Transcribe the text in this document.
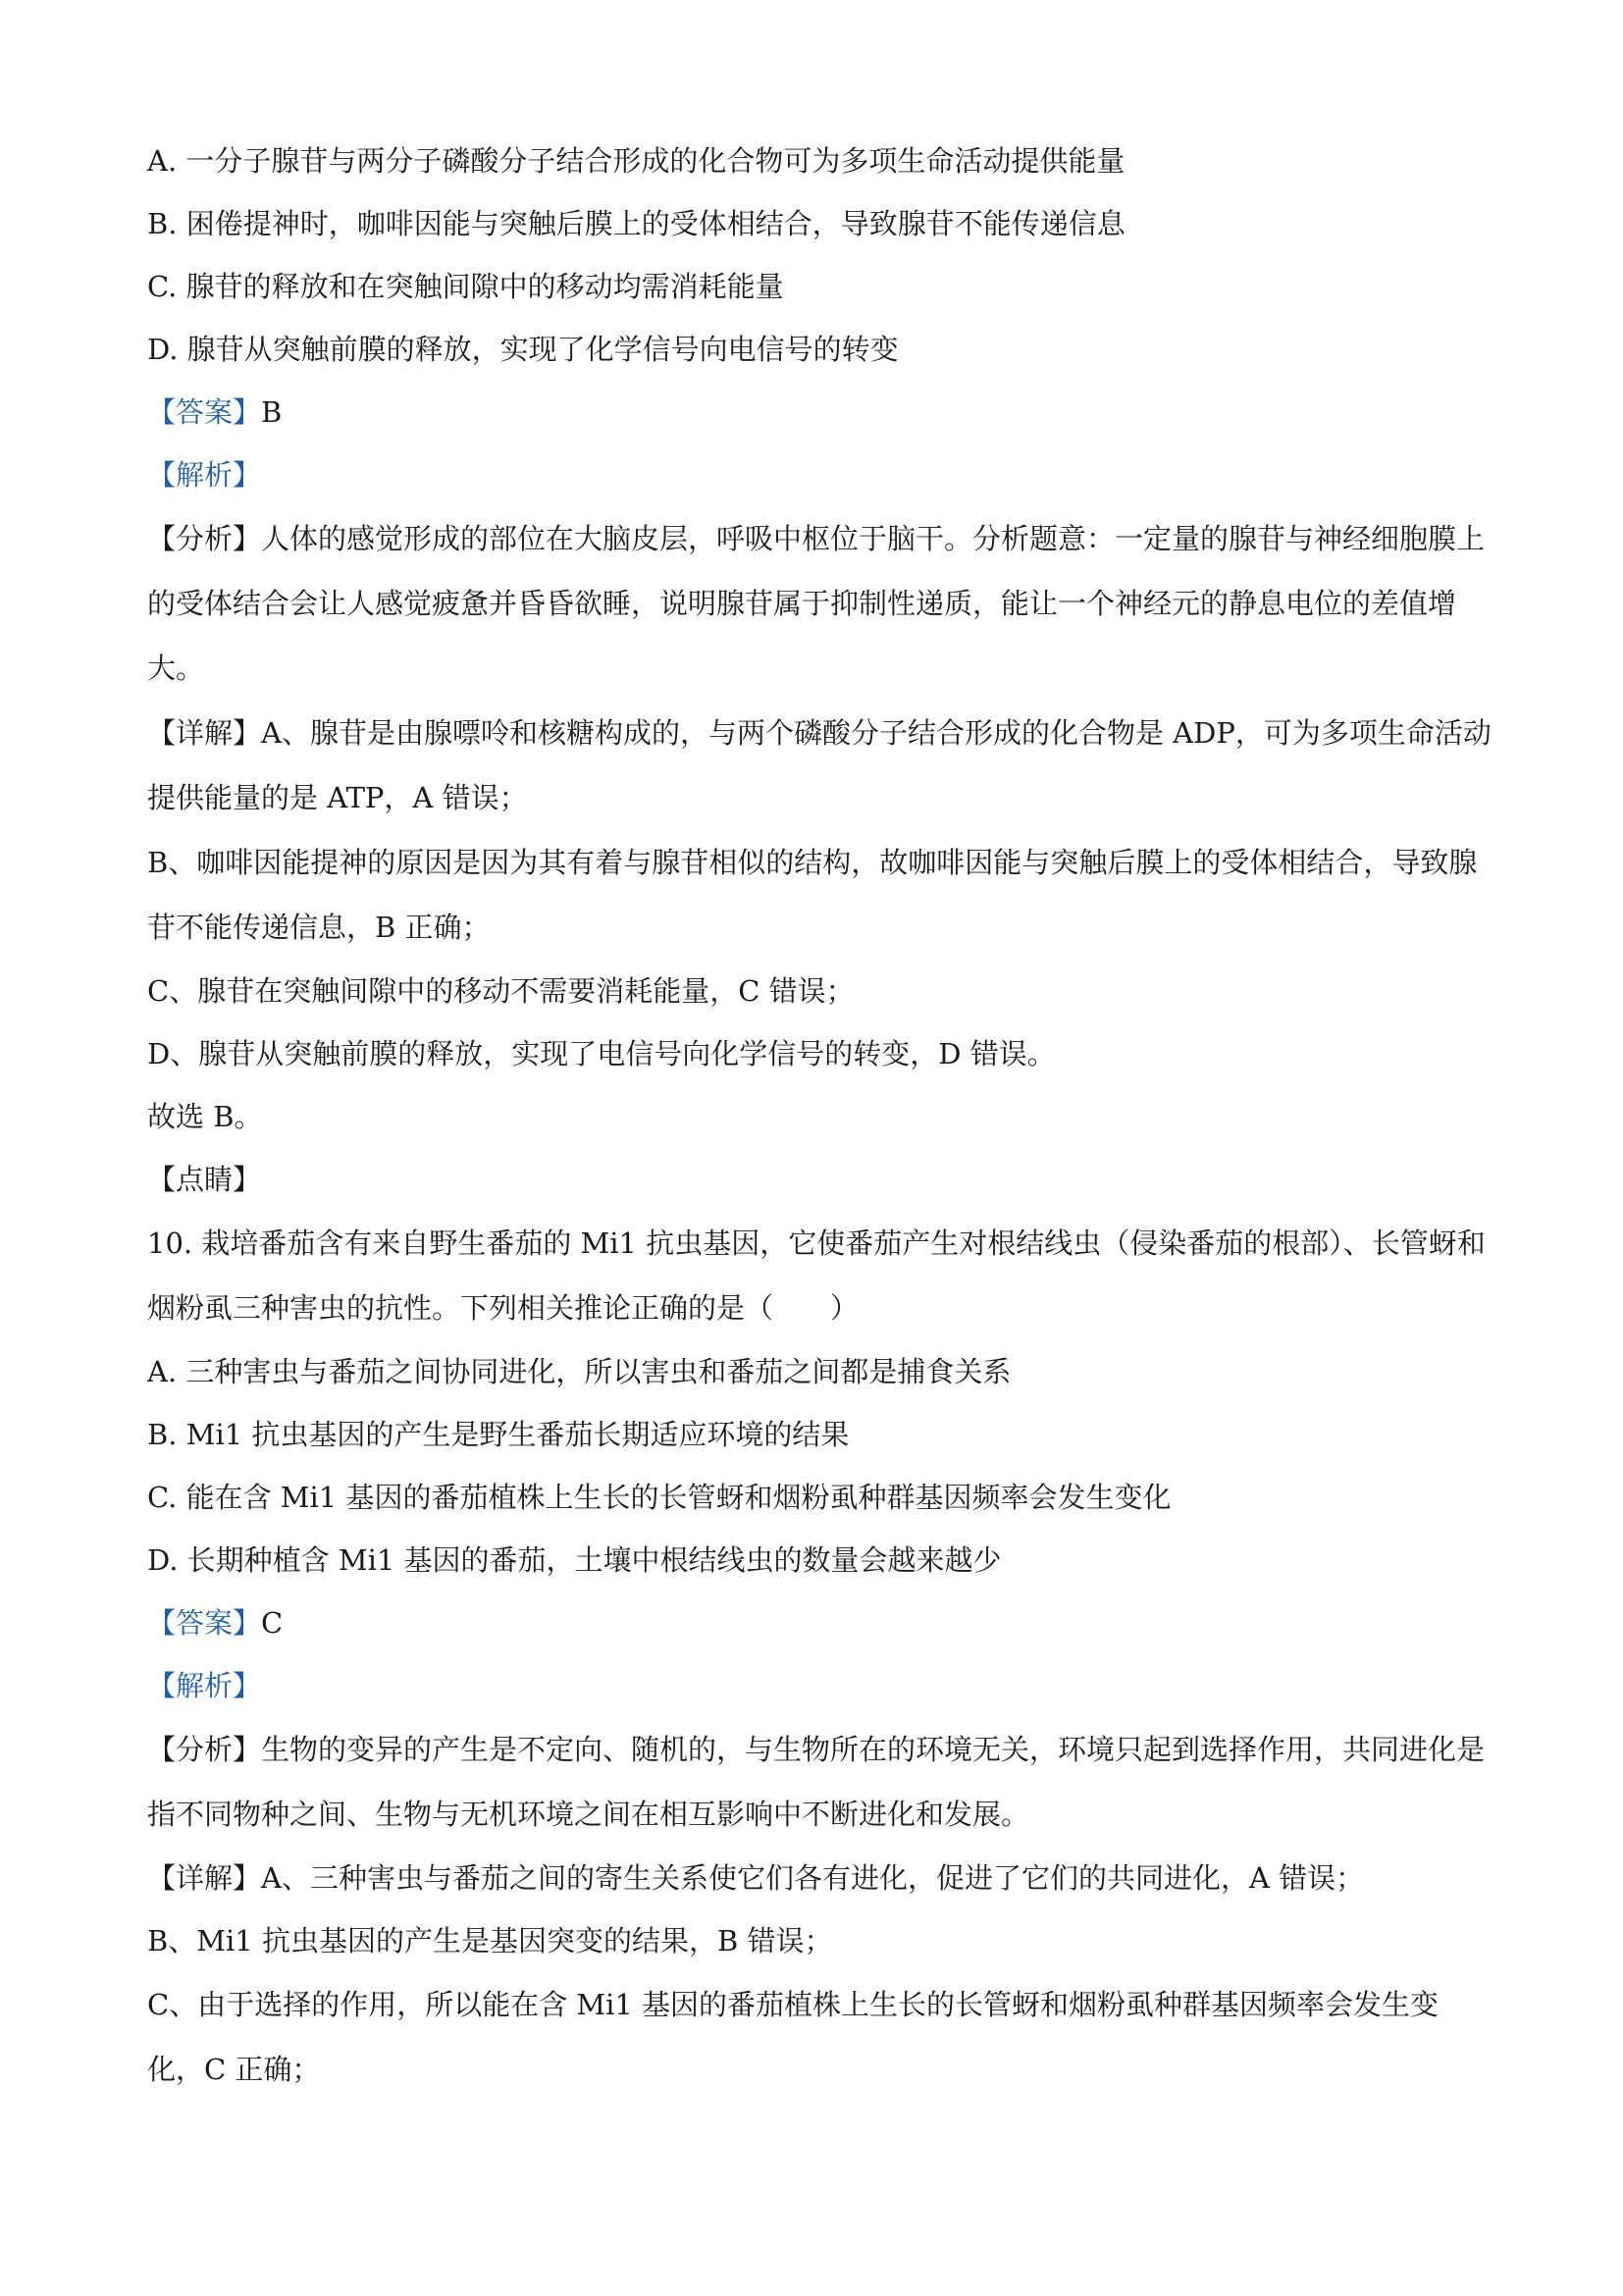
A. 一分子腺苷与两分子磷酸分子结合形成的化合物可为多项生命活动提供能量

B. 困倦提神时，咖啡因能与突触后膜上的受体相结合，导致腺苷不能传递信息

C. 腺苷的释放和在突触间隙中的移动均需消耗能量

D. 腺苷从突触前膜的释放，实现了化学信号向电信号的转变

【答案】B

【解析】

【分析】人体的感觉形成的部位在大脑皮层，呼吸中枢位于脑干。分析题意：一定量的腺苷与神经细胞膜上的受体结合会让人感觉疲惫并昏昏欲睡，说明腺苷属于抑制性递质，能让一个神经元的静息电位的差值增大。

【详解】A、腺苷是由腺嘌呤和核糖构成的，与两个磷酸分子结合形成的化合物是 ADP，可为多项生命活动提供能量的是 ATP，A 错误；

B、咖啡因能提神的原因是因为其有着与腺苷相似的结构，故咖啡因能与突触后膜上的受体相结合，导致腺苷不能传递信息，B 正确；

C、腺苷在突触间隙中的移动不需要消耗能量，C 错误；

D、腺苷从突触前膜的释放，实现了电信号向化学信号的转变，D 错误。

故选 B。

【点睛】

10. 栽培番茄含有来自野生番茄的 Mi1 抗虫基因，它使番茄产生对根结线虫（侵染番茄的根部）、长管蚜和烟粉虱三种害虫的抗性。下列相关推论正确的是（　　）

A. 三种害虫与番茄之间协同进化，所以害虫和番茄之间都是捕食关系

B. Mi1 抗虫基因的产生是野生番茄长期适应环境的结果

C. 能在含 Mi1 基因的番茄植株上生长的长管蚜和烟粉虱种群基因频率会发生变化

D. 长期种植含 Mi1 基因的番茄，土壤中根结线虫的数量会越来越少

【答案】C

【解析】

【分析】生物的变异的产生是不定向、随机的，与生物所在的环境无关，环境只起到选择作用，共同进化是指不同物种之间、生物与无机环境之间在相互影响中不断进化和发展。

【详解】A、三种害虫与番茄之间的寄生关系使它们各有进化，促进了它们的共同进化，A 错误；

B、Mi1 抗虫基因的产生是基因突变的结果，B 错误；

C、由于选择的作用，所以能在含 Mi1 基因的番茄植株上生长的长管蚜和烟粉虱种群基因频率会发生变化，C 正确；
